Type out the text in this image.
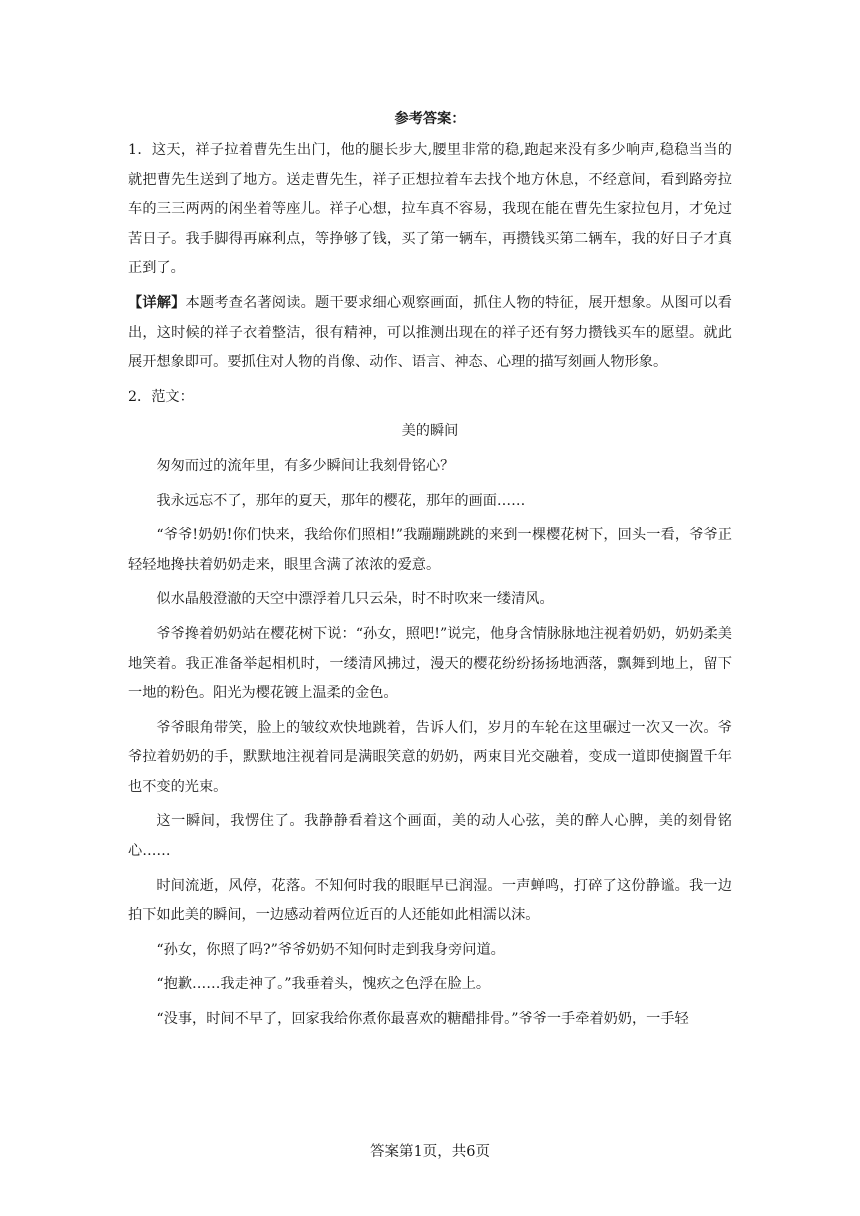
参考答案：

1．这天，祥子拉着曹先生出门，他的腿长步大,腰里非常的稳,跑起来没有多少响声,稳稳当当的就把曹先生送到了地方。送走曹先生，祥子正想拉着车去找个地方休息，不经意间，看到路旁拉车的三三两两的闲坐着等座儿。祥子心想，拉车真不容易，我现在能在曹先生家拉包月，才免过苦日子。我手脚得再麻利点，等挣够了钱，买了第一辆车，再攒钱买第二辆车，我的好日子才真正到了。

【详解】本题考查名著阅读。题干要求细心观察画面，抓住人物的特征，展开想象。从图可以看出，这时候的祥子衣着整洁，很有精神，可以推测出现在的祥子还有努力攒钱买车的愿望。就此展开想象即可。要抓住对人物的肖像、动作、语言、神态、心理的描写刻画人物形象。

2．范文：

美的瞬间

匆匆而过的流年里，有多少瞬间让我刻骨铭心？

我永远忘不了，那年的夏天，那年的樱花，那年的画面……

“爷爷!奶奶!你们快来，我给你们照相!”我蹦蹦跳跳的来到一棵樱花树下，回头一看，爷爷正轻轻地搀扶着奶奶走来，眼里含满了浓浓的爱意。

似水晶般澄澈的天空中漂浮着几只云朵，时不时吹来一缕清风。

爷爷搀着奶奶站在樱花树下说：“孙女，照吧!”说完，他身含情脉脉地注视着奶奶，奶奶柔美地笑着。我正准备举起相机时，一缕清风拂过，漫天的樱花纷纷扬扬地洒落，飘舞到地上，留下一地的粉色。阳光为樱花镀上温柔的金色。

爷爷眼角带笑，脸上的皱纹欢快地跳着，告诉人们，岁月的车轮在这里碾过一次又一次。爷爷拉着奶奶的手，默默地注视着同是满眼笑意的奶奶，两束目光交融着，变成一道即使搁置千年也不变的光束。

这一瞬间，我愣住了。我静静看着这个画面，美的动人心弦，美的醉人心脾，美的刻骨铭心……

时间流逝，风停，花落。不知何时我的眼眶早已润湿。一声蝉鸣，打碎了这份静谧。我一边拍下如此美的瞬间，一边感动着两位近百的人还能如此相濡以沫。

“孙女，你照了吗?”爷爷奶奶不知何时走到我身旁问道。

“抱歉……我走神了。”我垂着头，愧疚之色浮在脸上。

“没事，时间不早了，回家我给你煮你最喜欢的糖醋排骨。”爷爷一手牵着奶奶，一手轻

答案第1页，共6页
